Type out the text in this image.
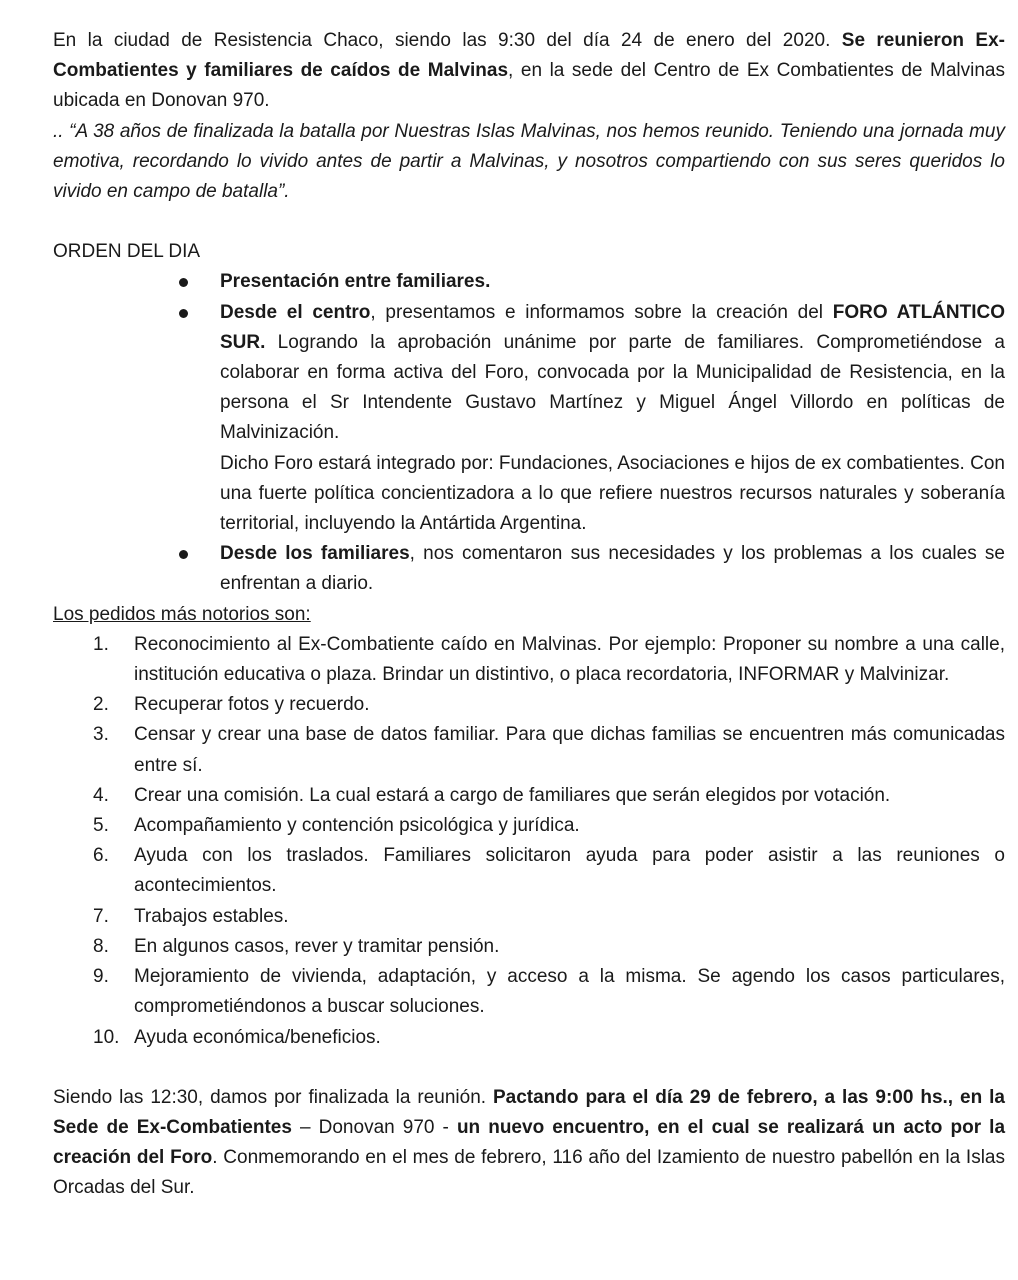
En la ciudad de Resistencia Chaco, siendo las 9:30 del día 24 de enero del 2020. Se reunieron Ex-Combatientes y familiares de caídos de Malvinas, en la sede del Centro de Ex Combatientes de Malvinas ubicada en Donovan 970.

.. “A 38 años de finalizada la batalla por Nuestras Islas Malvinas, nos hemos reunido. Teniendo una jornada muy emotiva, recordando lo vivido antes de partir a Malvinas, y nosotros compartiendo con sus seres queridos lo vivido en campo de batalla”.

ORDEN DEL DIA

Presentación entre familiares.
Desde el centro, presentamos e informamos sobre la creación del FORO ATLÁNTICO SUR. Logrando la aprobación unánime por parte de familiares. Comprometiéndose a colaborar en forma activa del Foro, convocada por la Municipalidad de Resistencia, en la persona el Sr Intendente Gustavo Martínez y Miguel Ángel Villordo en políticas de Malvinización.

Dicho Foro estará integrado por: Fundaciones, Asociaciones e hijos de ex combatientes. Con una fuerte política concientizadora a lo que refiere nuestros recursos naturales y soberanía territorial, incluyendo la Antártida Argentina.

Desde los familiares, nos comentaron sus necesidades y los problemas a los cuales se enfrentan a diario.

Los pedidos más notorios son:

1. Reconocimiento al Ex-Combatiente caído en Malvinas. Por ejemplo: Proponer su nombre a una calle, institución educativa o plaza. Brindar un distintivo, o placa recordatoria, INFORMAR y Malvinizar.
2. Recuperar fotos y recuerdo.
3. Censar y crear una base de datos familiar. Para que dichas familias se encuentren más comunicadas entre sí.
4. Crear una comisión. La cual estará a cargo de familiares que serán elegidos por votación.
5. Acompañamiento y contención psicológica y jurídica.
6. Ayuda con los traslados. Familiares solicitaron ayuda para poder asistir a las reuniones o acontecimientos.
7. Trabajos estables.
8. En algunos casos, rever y tramitar pensión.
9. Mejoramiento de vivienda, adaptación, y acceso a la misma. Se agendo los casos particulares, comprometiéndonos a buscar soluciones.
10. Ayuda económica/beneficios.

Siendo las 12:30, damos por finalizada la reunión. Pactando para el día 29 de febrero, a las 9:00 hs., en la Sede de Ex-Combatientes – Donovan 970 - un nuevo encuentro, en el cual se realizará un acto por la creación del Foro. Conmemorando en el mes de febrero, 116 año del Izamiento de nuestro pabellón en la Islas Orcadas del Sur.
